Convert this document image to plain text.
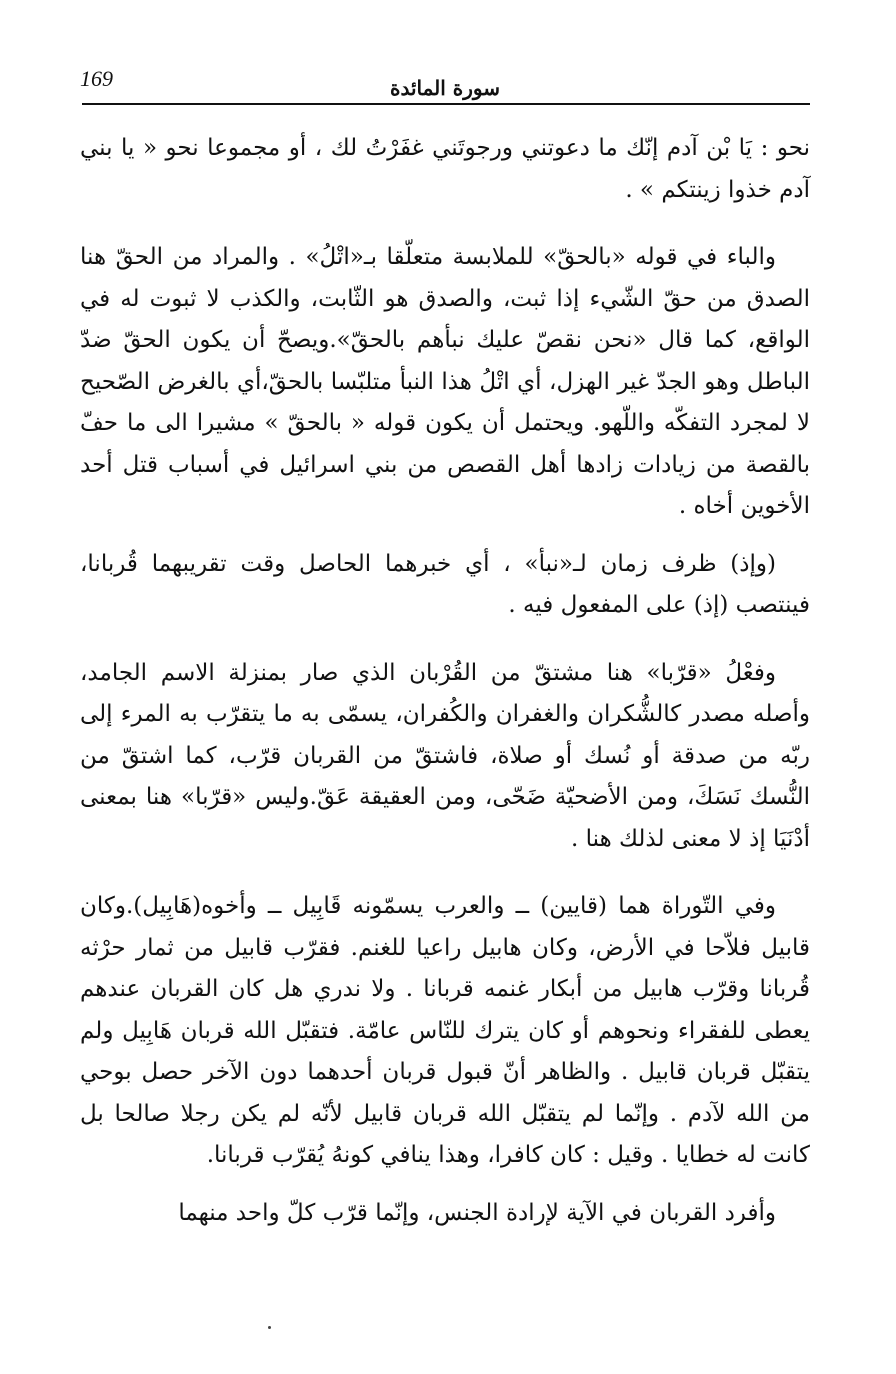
169	سورة المائدة

نحو : يَا بْن آدم إنّك ما دعوتني ورجوتَني غفَرْتُ لك ، أو مجموعا نحو « يا بني آدم خذوا زينتكم » .

والباء في قوله «بالحقّ» للملابسة متعلّقا بـ«اتْلُ» . والمراد من الحقّ هنا الصدق من حقّ الشّيء إذا ثبت، والصدق هو الثّابت، والكذب لا ثبوت له في الواقع، كما قال «نحن نقصّ عليك نبأهم بالحقّ».ويصحّ أن يكون الحقّ ضدّ الباطل وهو الجدّ غير الهزل، أي اتْلُ هذا النبأ متلبّسا بالحقّ،أي بالغرض الصّحيح لا لمجرد التفكّه واللّهو. ويحتمل أن يكون قوله « بالحقّ » مشيرا الى ما حفّ بالقصة من زيادات زادها أهل القصص من بني اسرائيل في أسباب قتل أحد الأخوين أخاه .

(وإذ) ظرف زمان لـ«نبأ» ، أي خبرهما الحاصل وقت تقريبهما قُربانا، فينتصب (إذ) على المفعول فيه .

وفعْلُ «قرّبا» هنا مشتقّ من القُرْبان الذي صار بمنزلة الاسم الجامد، وأصله مصدر كالشُّكران والغفران والكُفران، يسمّى به ما يتقرّب به المرء إلى ربّه من صدقة أو نُسك أو صلاة، فاشتقّ من القربان قرّب، كما اشتقّ من النُّسك نَسَكَ، ومن الأضحيّة ضَحّى، ومن العقيقة عَقّ.وليس «قرّبا» هنا بمعنى أدْنَيَا إذ لا معنى لذلك هنا .

وفي التّوراة هما (قايين) ــ والعرب يسمّونه قَابِيل ــ وأخوه(هَابِيل).وكان قابيل فلاّحا في الأرض، وكان هابيل راعيا للغنم. فقرّب قابيل من ثمار حرْثه قُربانا وقرّب هابيل من أبكار غنمه قربانا . ولا ندري هل كان القربان عندهم يعطى للفقراء ونحوهم أو كان يترك للنّاس عامّة. فتقبّل الله قربان هَابِيل ولم يتقبّل قربان قابيل . والظاهر أنّ قبول قربان أحدهما دون الآخر حصل بوحي من الله لآدم . وإنّما لم يتقبّل الله قربان قابيل لأنّه لم يكن رجلا صالحا بل كانت له خطايا . وقيل : كان كافرا، وهذا ينافي كونهُ يُقرّب قربانا.

وأفرد القربان في الآية لإرادة الجنس، وإنّما قرّب كلّ واحد منهما
